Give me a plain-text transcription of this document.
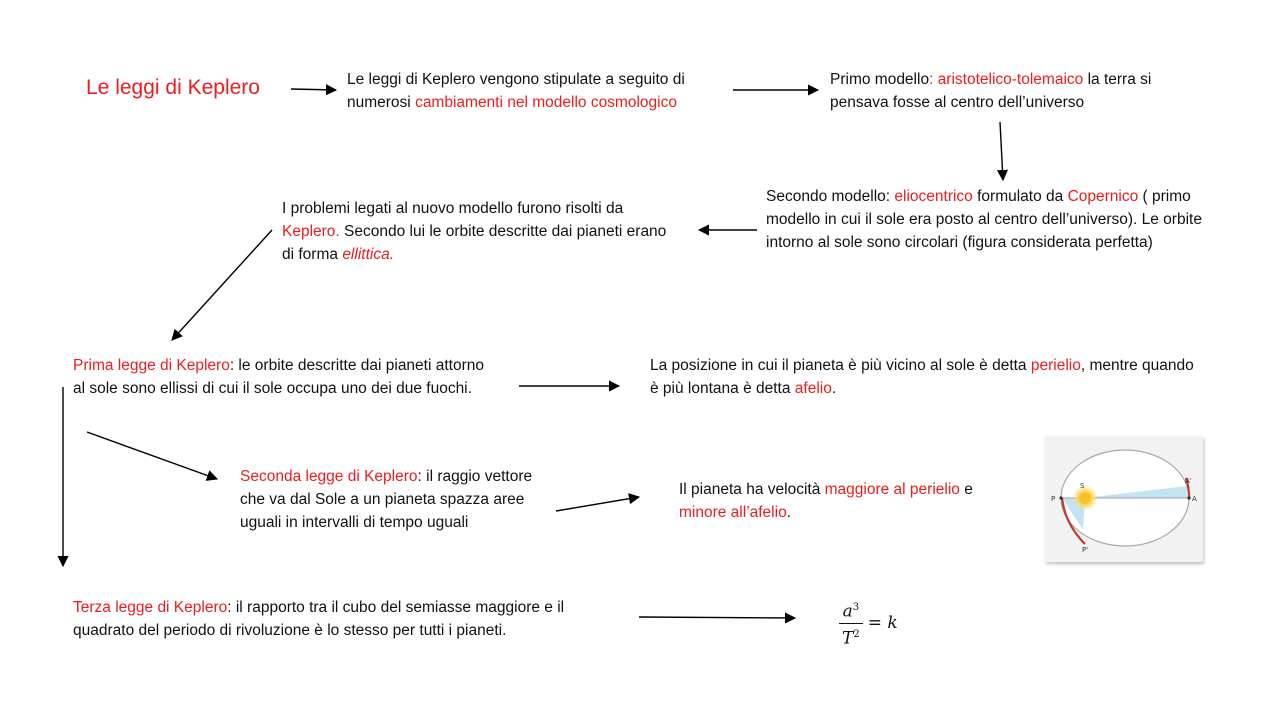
Le leggi di Keplero	Le leggi di Keplero vengono stipulate a seguito di numerosi cambiamenti nel modello cosmologico
Primo modello: aristotelico-tolemaico la terra si pensava fosse al centro dell’universo
Secondo modello: eliocentrico formulato da Copernico ( primo modello in cui il sole era posto al centro dell’universo). Le orbite intorno al sole sono circolari (figura considerata perfetta)
I problemi legati al nuovo modello furono risolti da Keplero. Secondo lui le orbite descritte dai pianeti erano di forma ellittica.
Prima legge di Keplero: le orbite descritte dai pianeti attorno al sole sono ellissi di cui il sole occupa uno dei due fuochi.
La posizione in cui il pianeta è più vicino al sole è detta perielio, mentre quando è più lontana è detta afelio.
Seconda legge di Keplero: il raggio vettore che va dal Sole a un pianeta spazza aree uguali in intervalli di tempo uguali
Il pianeta ha velocità maggiore al perielio e minore all’afelio.
Terza legge di Keplero: il rapporto tra il cubo del semiasse maggiore e il quadrato del periodo di rivoluzione è lo stesso per tutti i pianeti.
S
P	A
A'
P'
$\frac{a^3}{T^2} = k$
